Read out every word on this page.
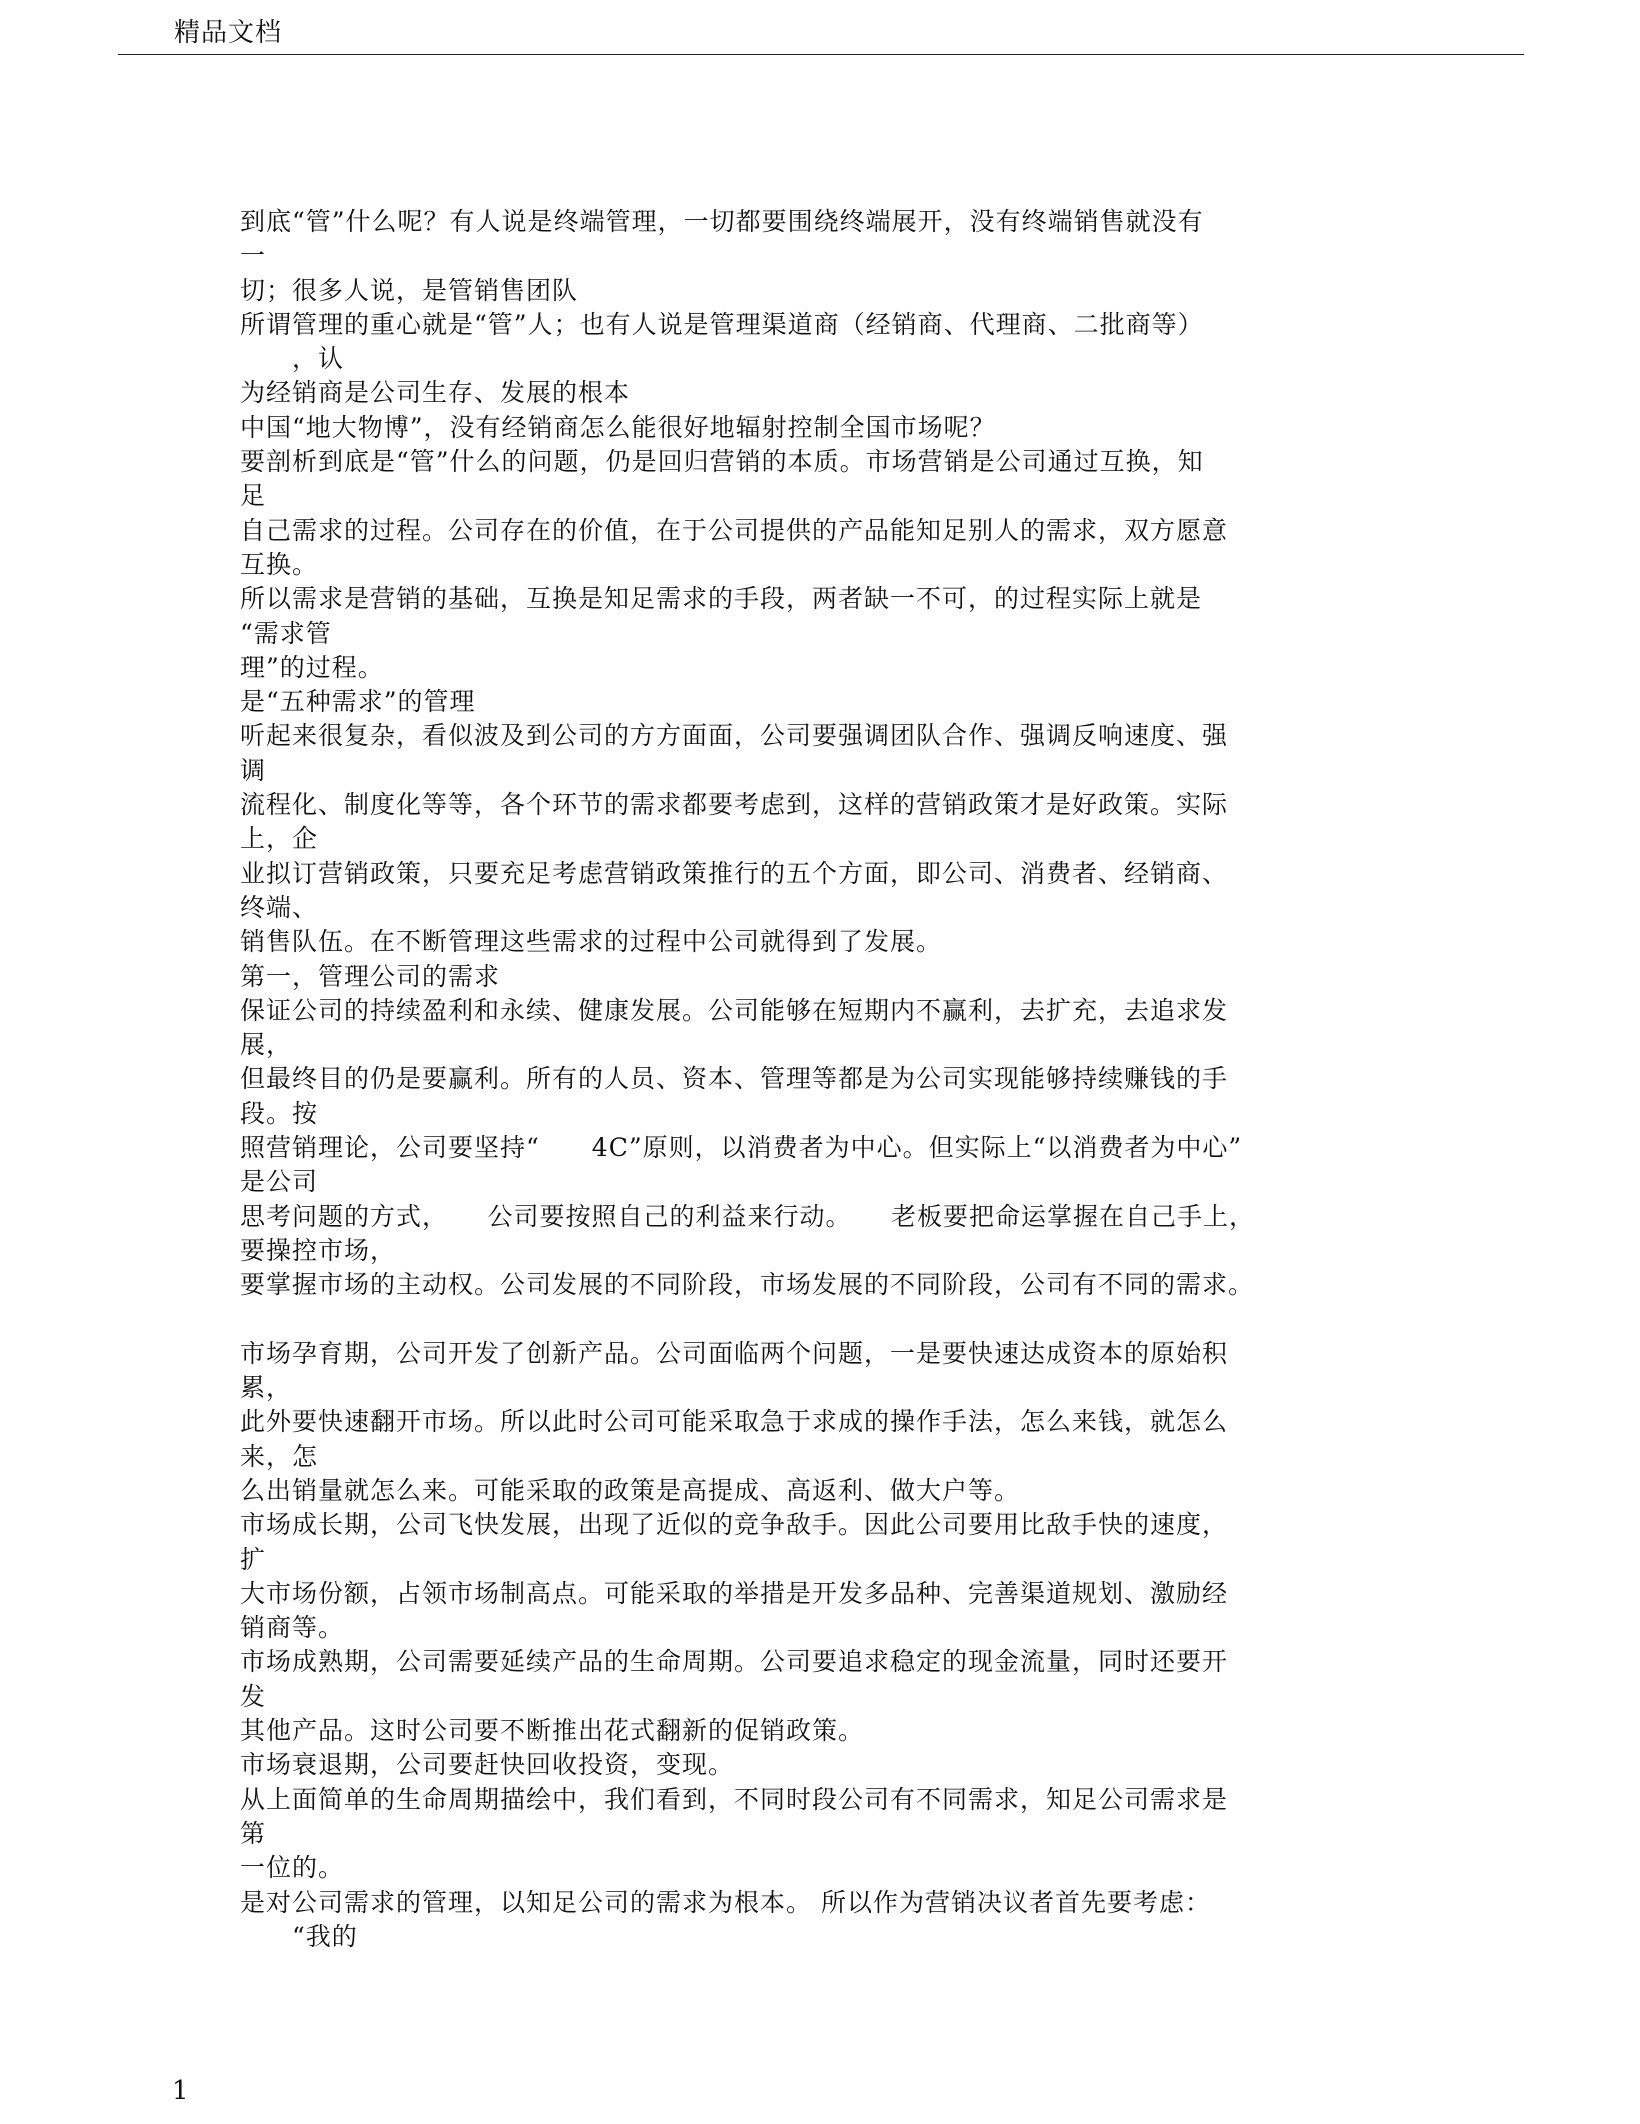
精品文档
到底“管”什么呢？有人说是终端管理，一切都要围绕终端展开，没有终端销售就没有
一
切；很多人说，是管销售团队
所谓管理的重心就是“管”人；也有人说是管理渠道商（经销商、代理商、二批商等）
　　，认
为经销商是公司生存、发展的根本
中国“地大物博”，没有经销商怎么能很好地辐射控制全国市场呢？
要剖析到底是“管”什么的问题，仍是回归营销的本质。市场营销是公司通过互换，知
足
自己需求的过程。公司存在的价值，在于公司提供的产品能知足别人的需求，双方愿意
互换。
所以需求是营销的基础，互换是知足需求的手段，两者缺一不可，的过程实际上就是
“需求管
理”的过程。
是“五种需求”的管理
听起来很复杂，看似波及到公司的方方面面，公司要强调团队合作、强调反响速度、强
调
流程化、制度化等等，各个环节的需求都要考虑到，这样的营销政策才是好政策。实际
上，企
业拟订营销政策，只要充足考虑营销政策推行的五个方面，即公司、消费者、经销商、
终端、
销售队伍。在不断管理这些需求的过程中公司就得到了发展。
第一，管理公司的需求
保证公司的持续盈利和永续、健康发展。公司能够在短期内不赢利，去扩充，去追求发
展，
但最终目的仍是要赢利。所有的人员、资本、管理等都是为公司实现能够持续赚钱的手
段。按
照营销理论，公司要坚持“　　4C”原则，以消费者为中心。但实际上“以消费者为中心”
是公司
思考问题的方式，　　公司要按照自己的利益来行动。　　老板要把命运掌握在自己手上，
要操控市场，
要掌握市场的主动权。公司发展的不同阶段，市场发展的不同阶段，公司有不同的需求。
市场孕育期，公司开发了创新产品。公司面临两个问题，一是要快速达成资本的原始积
累，
此外要快速翻开市场。所以此时公司可能采取急于求成的操作手法，怎么来钱，就怎么
来，怎
么出销量就怎么来。可能采取的政策是高提成、高返利、做大户等。
市场成长期，公司飞快发展，出现了近似的竞争敌手。因此公司要用比敌手快的速度，
扩
大市场份额，占领市场制高点。可能采取的举措是开发多品种、完善渠道规划、激励经
销商等。
市场成熟期，公司需要延续产品的生命周期。公司要追求稳定的现金流量，同时还要开
发
其他产品。这时公司要不断推出花式翻新的促销政策。
市场衰退期，公司要赶快回收投资，变现。
从上面简单的生命周期描绘中，我们看到，不同时段公司有不同需求，知足公司需求是
第
一位的。
是对公司需求的管理，以知足公司的需求为根本。 所以作为营销决议者首先要考虑：
　　“我的
1
